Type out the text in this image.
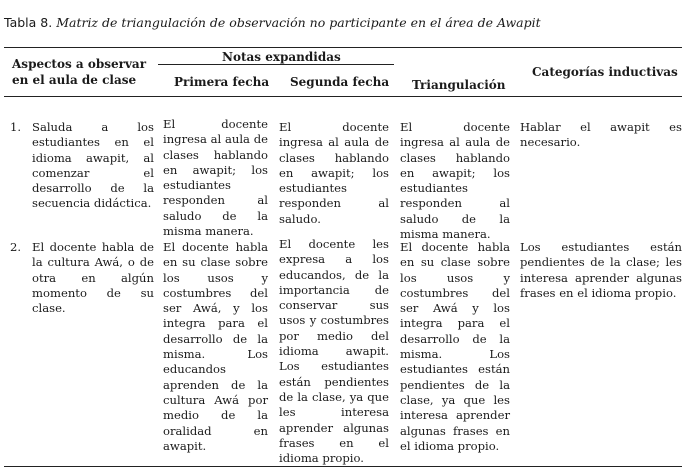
Tabla 8. Matriz de triangulación de observación no participante en el área de Awapit
Aspectos a observar en el aula de clase
Notas expandidas
Primera fecha Segunda fecha Triangulación
Categorías inductivas
1. Saluda a los estudiantes en el idioma awapit, al comenzar el desarrollo de la secuencia didáctica.
El docente ingresa al aula de clases hablando en awapit; los estudiantes responden al saludo de la misma manera.
El docente ingresa al aula de clases hablando en awapit; los estudiantes responden al saludo.
El docente ingresa al aula de clases hablando en awapit; los estudiantes responden al saludo de la misma manera.
Hablar el awapit es necesario.
2. El docente habla de la cultura Awá, o de otra en algún momento de su clase.
El docente habla en su clase sobre los usos y costumbres del ser Awá, y los integra para el desarrollo de la misma. Los educandos aprenden de la cultura Awá por medio de la oralidad en awapit.
El docente les expresa a los educandos, de la importancia de conservar sus usos y costumbres por medio del idioma awapit. Los estudiantes están pendientes de la clase, ya que les interesa aprender algunas frases en el idioma propio.
El docente habla en su clase sobre los usos y costumbres del ser Awá y los integra para el desarrollo de la misma. Los estudiantes están pendientes de la clase, ya que les interesa aprender algunas frases en el idioma propio.
Los estudiantes están pendientes de la clase; les interesa aprender algunas frases en el idioma propio.
